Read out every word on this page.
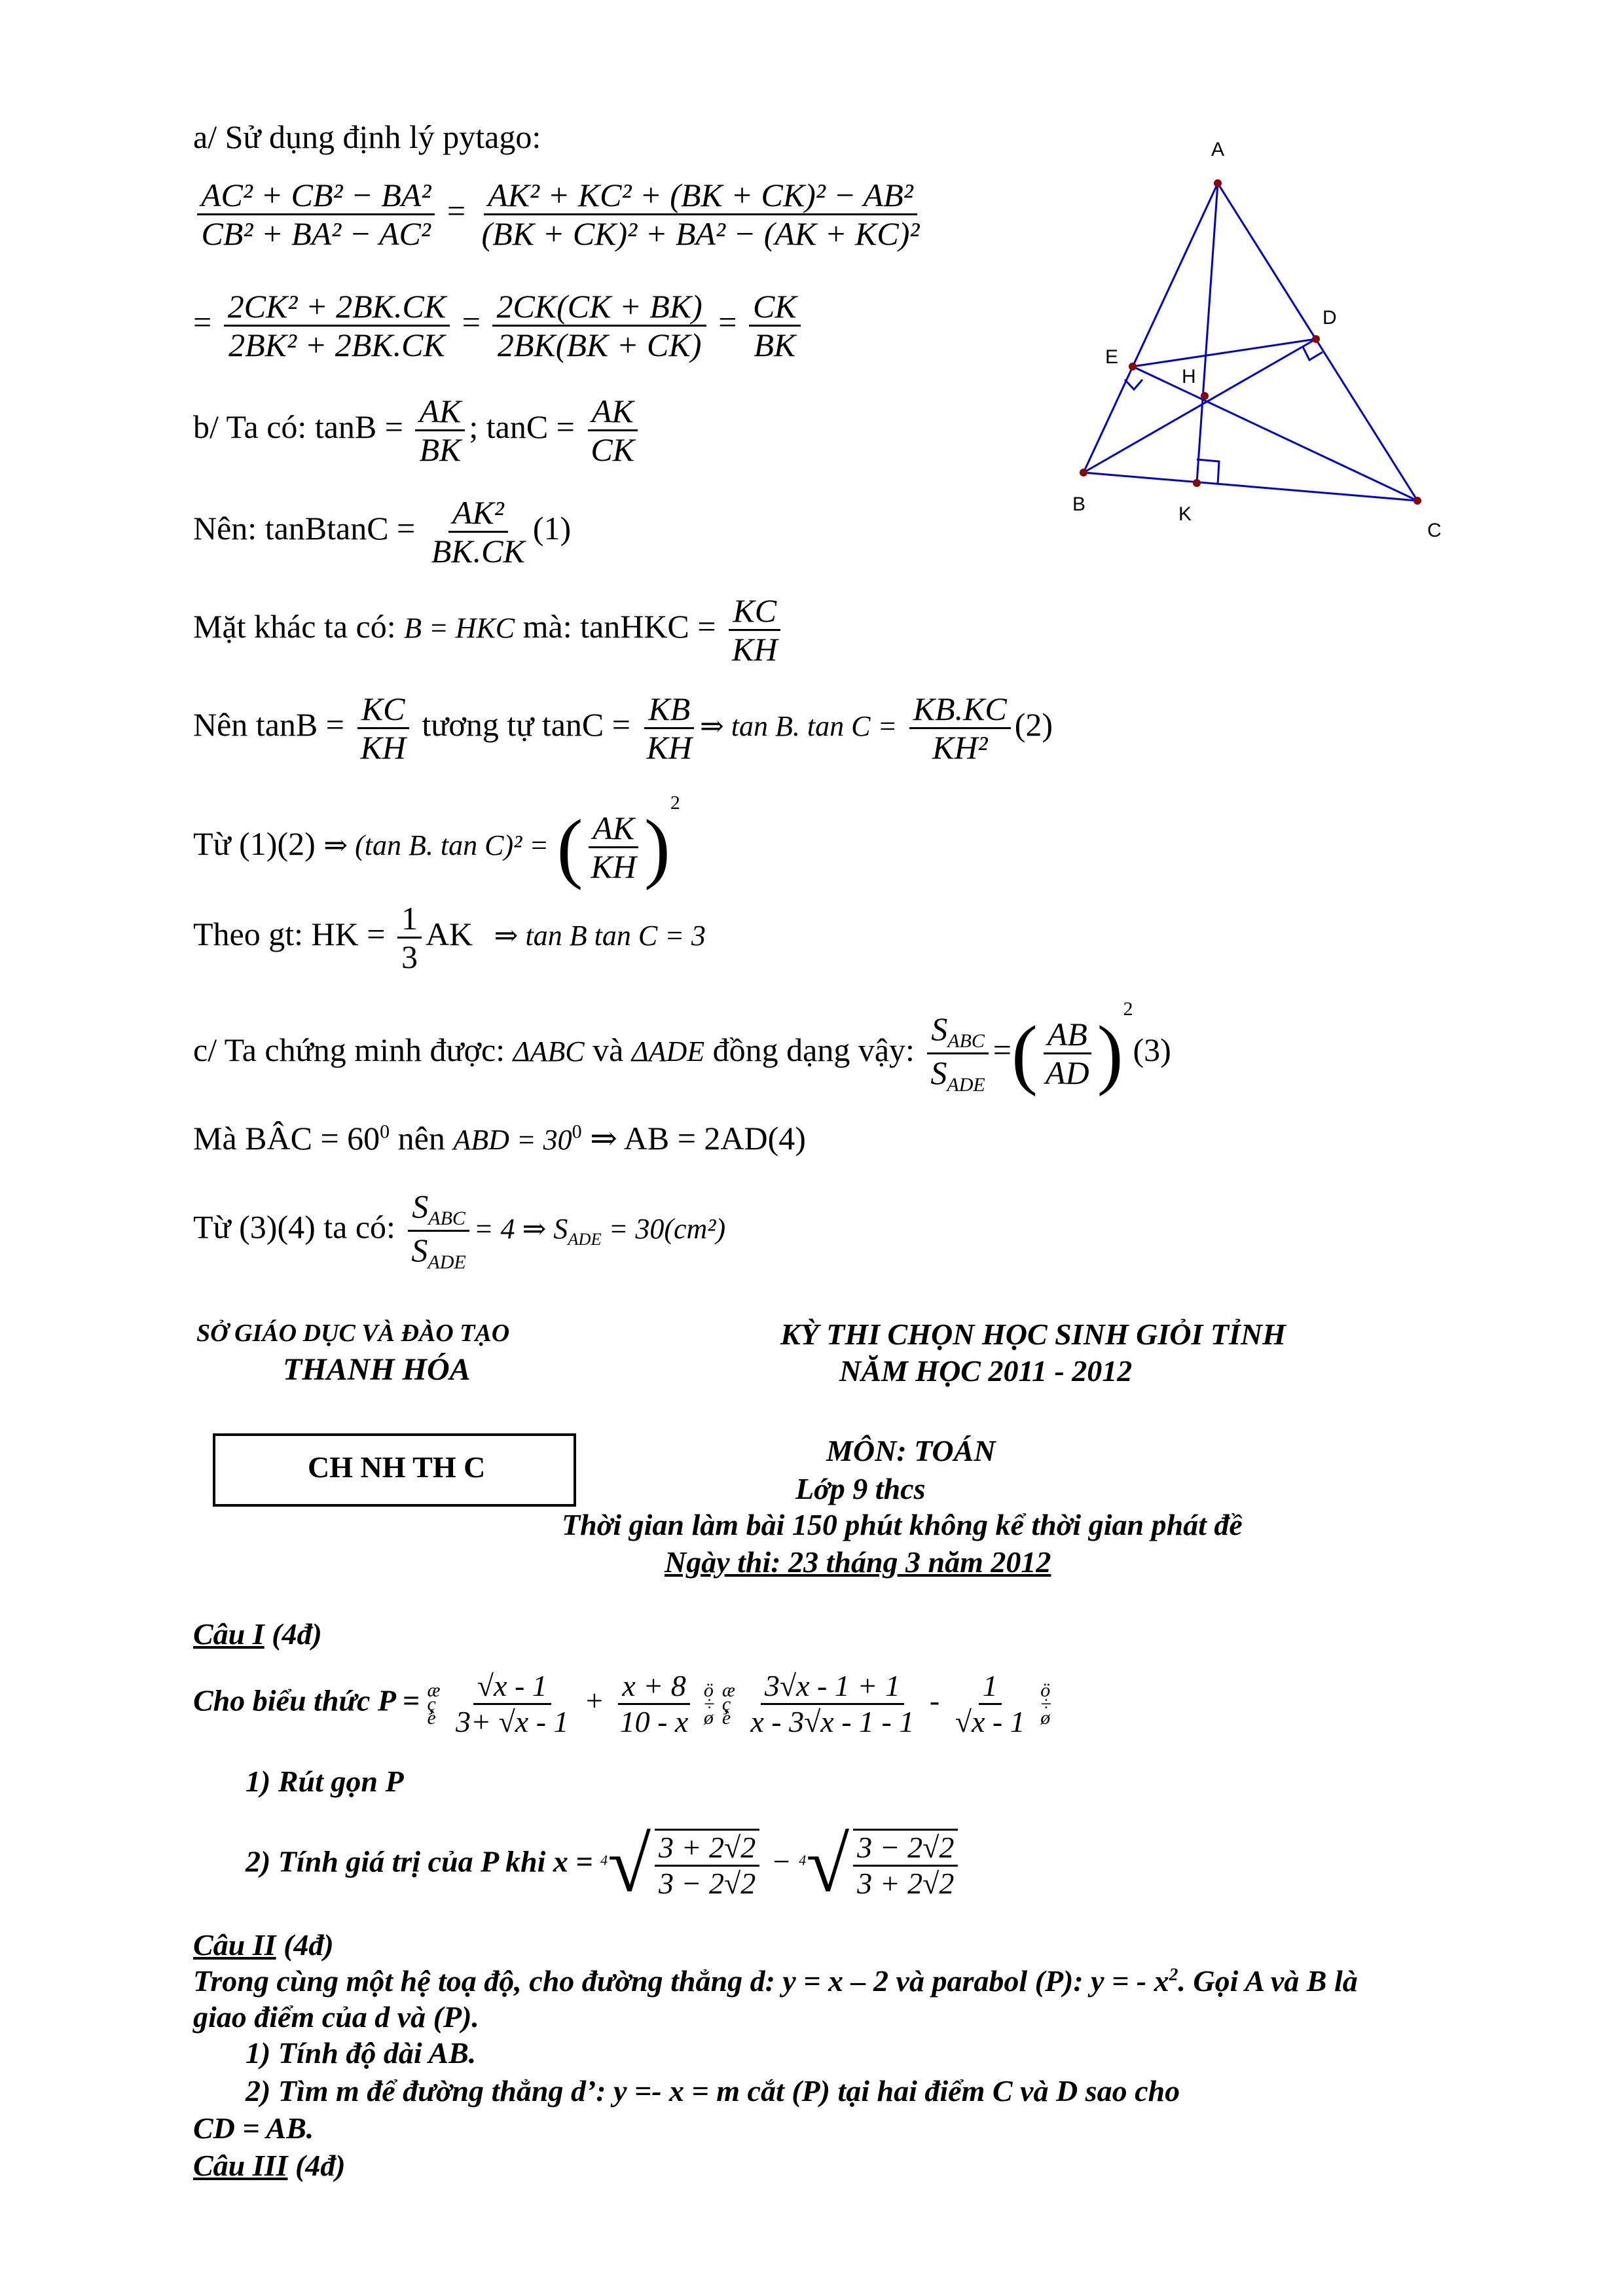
a/ Sử dụng định lý pytago:
$\frac{\text{AC² + CB² − BA²}}{\text{CB² + BA² − AC²}} = \frac{\text{AK² + KC² + (BK + CK)² − AB²}}{\text{(BK + CK)² + BA² − (AK + KC)²}}$
= $\frac{\text{2CK² + 2BK.CK}}{\text{2BK² + 2BK.CK}} = \frac{2CK(CK + BK)}{2BK(BK + CK)} = \frac{CK}{BK}$
b/ Ta có: $\tan B = \frac{AK}{BK}$ ; $\tan C = \frac{AK}{CK}$
Nên: tanBtanC = $\frac{\text{AK²}}{BK.CK} (1)$
Mặt khác ta có: B = HKC mà: tanHKC = $\frac{KC}{KH}$
Nên $\tan B = \frac{KC}{KH}$ tương tự $\tan C = \frac{KB}{KH}$ ⇒ tan B. $\tan C = \frac{KB.KC}{\text{KH²}} (2)$
Từ (1)(2) ⇒ (tan B. tan C)² = ( $\frac{AK}{KH} )^2$
Theo gt: HK = $\frac{1}{3}$ AK ⇒ tan B tan C = 3
c/ Ta chứng minh được: ΔABC và ΔADE đồng dạng vậy: $\frac{S_{ABC}}{S_{ADE}}$ =( $\frac{AB}{AD} )^2(3)$
Mà BÂC = $60^0$ nên ABD = $30^0$ ⇒ AB = 2AD(4)
Từ (3)(4) ta có: $\frac{S_{ABC}}{S_{ADE}} = 4$ ⇒ $S_{ADE} = 30(cm^2)$
A
B
C
D
E
H
K
SỞ GIÁO DỤC VÀ ĐÀO TẠO
THANH HÓA
KỲ THI CHỌN HỌC SINH GIỎI TỈNH
NĂM HỌC 2011 - 2012
CH NH TH C	MÔN: TOÁN
Lớp 9 thcs
Thời gian làm bài 150 phút không kể thời gian phát đề
Ngày thi: 23 tháng 3 năm 2012
Câu I (4đ)
Cho biểu thức P = æ
ç
è $\frac{√x - 1}{3+ √x - 1} + \frac{x + 8}{10 - x}$ ö
÷
ø æ
ç
è $\frac{3√x - 1 + 1}{x - 3√x - 1 - 1} - \frac{1}{√x - 1}$ ö
÷
ø
1) Rút gọn P
2) Tính giá trị của P khi $x = ^4√ \frac{3 + 2√2}{3 - 2√2} - ^4√ \frac{3 - 2√2}{3 + 2√2}$
Câu II (4đ)
Trong cùng một hệ toạ độ, cho đường thẳng d: y = x – 2 và parabol (P): y = - $x^2$. Gọi A và B là
giao điểm của d và (P).
1) Tính độ dài AB.
2) Tìm m để đường thẳng d’: y =- x = m cắt (P) tại hai điểm C và D sao cho
CD = AB.
Câu III (4đ)
